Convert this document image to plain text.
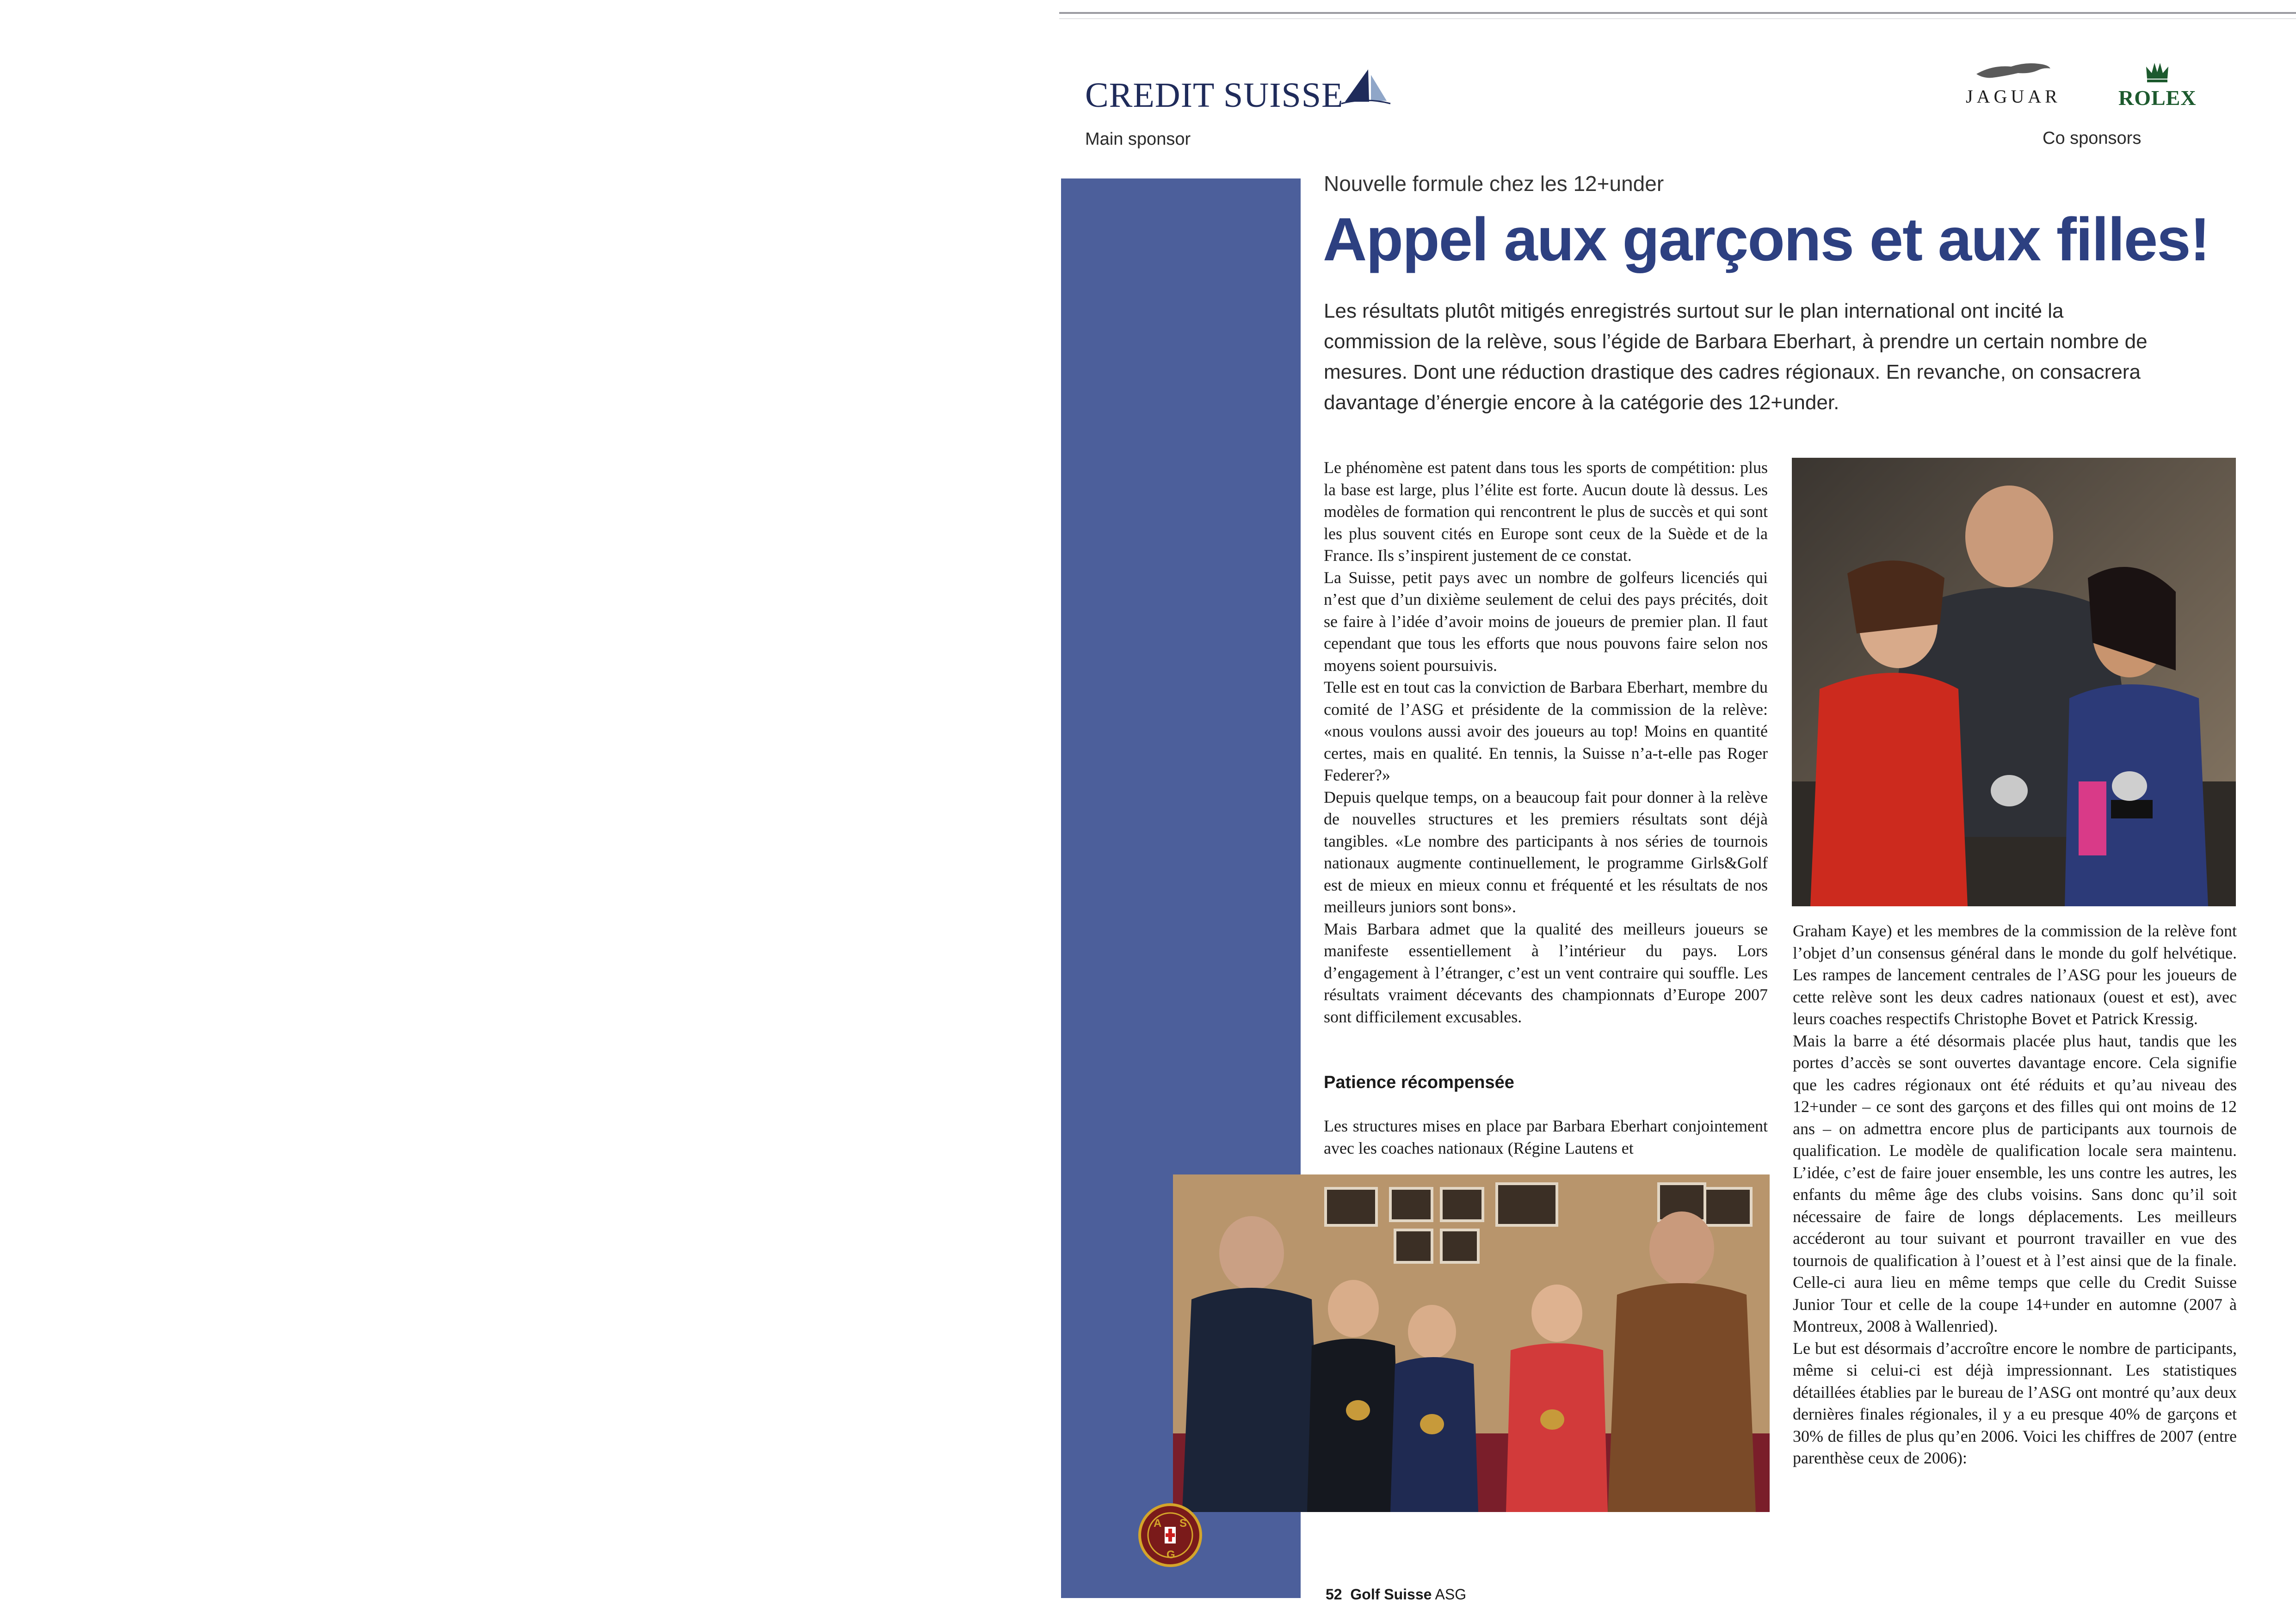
CREDIT SUISSE
Main sponsor
JAGUAR	ROLEX
Co sponsors
Nouvelle formule chez les 12+under
Appel aux garçons et aux filles!
Les résultats plutôt mitigés enregistrés surtout sur le plan international ont incité la commission de la relève, sous l’égide de Barbara Eberhart, à prendre un certain nombre de mesures. Dont une réduction drastique des cadres régionaux. En revanche, on consacrera davantage d’énergie encore à la catégorie des 12+under.

Le phénomène est patent dans tous les sports de compétition: plus la base est large, plus l’élite est forte. Aucun doute là dessus. Les modèles de formation qui rencontrent le plus de succès et qui sont les plus souvent cités en Europe sont ceux de la Suède et de la France. Ils s’inspirent justement de ce constat.

La Suisse, petit pays avec un nombre de golfeurs licenciés qui n’est que d’un dixième seulement de celui des pays précités, doit se faire à l’idée d’avoir moins de joueurs de premier plan. Il faut cependant que tous les efforts que nous pouvons faire selon nos moyens soient poursuivis.

Telle est en tout cas la conviction de Barbara Eberhart, membre du comité de l’ASG et présidente de la commission de la relève: «nous voulons aussi avoir des joueurs au top! Moins en quantité certes, mais en qualité. En tennis, la Suisse n’a-t-elle pas Roger Federer?»

Depuis quelque temps, on a beaucoup fait pour donner à la relève de nouvelles structures et les premiers résultats sont déjà tangibles. «Le nombre des participants à nos séries de tournois nationaux augmente continuellement, le programme Girls&Golf est de mieux en mieux connu et fréquenté et les résultats de nos meilleurs juniors sont bons».

Mais Barbara admet que la qualité des meilleurs joueurs se manifeste essentiellement à l’intérieur du pays. Lors d’engagement à l’étranger, c’est un vent contraire qui souffle. Les résultats vraiment décevants des championnats d’Europe 2007 sont difficilement excusables.

Patience récompensée

Les structures mises en place par Barbara Eberhart conjointement avec les coaches nationaux (Régine Lautens et

Graham Kaye) et les membres de la commission de la relève font l’objet d’un consensus général dans le monde du golf helvétique. Les rampes de lancement centrales de l’ASG pour les joueurs de cette relève sont les deux cadres nationaux (ouest et est), avec leurs coaches respectifs Christophe Bovet et Patrick Kressig.

Mais la barre a été désormais placée plus haut, tandis que les portes d’accès se sont ouvertes davantage encore. Cela signifie que les cadres régionaux ont été réduits et qu’au niveau des 12+under – ce sont des garçons et des filles qui ont moins de 12 ans – on admettra encore plus de participants aux tournois de qualification. Le modèle de qualification locale sera maintenu. L’idée, c’est de faire jouer ensemble, les uns contre les autres, les enfants du même âge des clubs voisins. Sans donc qu’il soit nécessaire de faire de longs déplacements. Les meilleurs accéderont au tour suivant et pourront travailler en vue des tournois de qualification à l’ouest et à l’est ainsi que de la finale. Celle-ci aura lieu en même temps que celle du Credit Suisse Junior Tour et celle de la coupe 14+under en automne (2007 à Montreux, 2008 à Wallenried).

Le but est désormais d’accroître encore le nombre de participants, même si celui-ci est déjà impressionnant. Les statistiques détaillées établies par le bureau de l’ASG ont montré qu’aux deux dernières finales régionales, il y a eu presque 40% de garçons et 30% de filles de plus qu’en 2006. Voici les chiffres de 2007 (entre parenthèse ceux de 2006):

A S
G
52 Golf Suisse ASG
